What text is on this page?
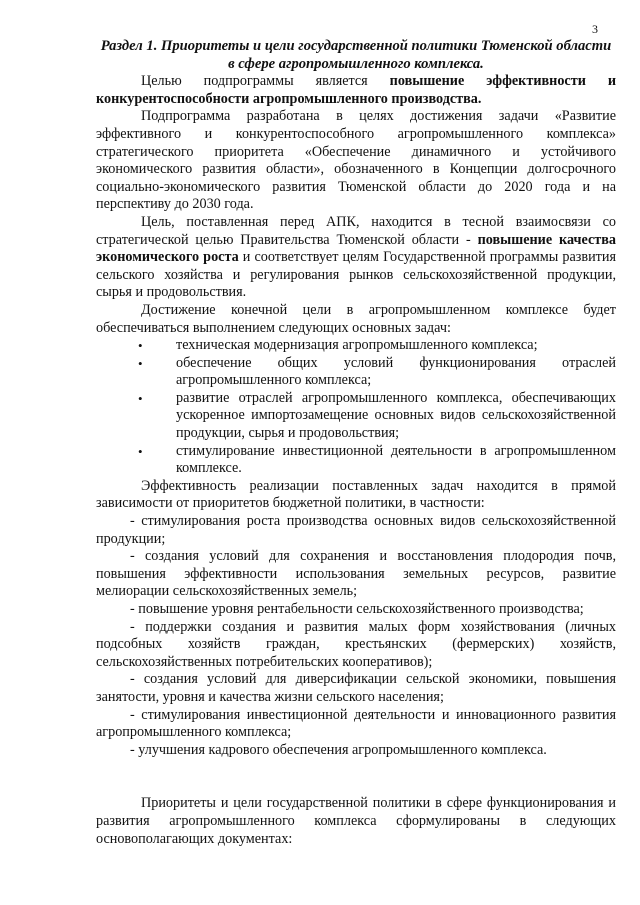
3

Раздел 1. Приоритеты и цели государственной политики Тюменской области в сфере агропромышленного комплекса.

Целью подпрограммы является повышение эффективности и конкурентоспособности агропромышленного производства.

Подпрограмма разработана в целях достижения задачи «Развитие эффективного и конкурентоспособного агропромышленного комплекса» стратегического приоритета «Обеспечение динамичного и устойчивого экономического развития области», обозначенного в Концепции долгосрочного социально-экономического развития Тюменской области до 2020 года и на перспективу до 2030 года.

Цель, поставленная перед АПК, находится в тесной взаимосвязи со стратегической целью Правительства Тюменской области - повышение качества экономического роста и соответствует целям Государственной программы развития сельского хозяйства и регулирования рынков сельскохозяйственной продукции, сырья и продовольствия.

Достижение конечной цели в агропромышленном комплексе будет обеспечиваться выполнением следующих основных задач:

• техническая модернизация агропромышленного комплекса;
• обеспечение общих условий функционирования отраслей агропромышленного комплекса;
• развитие отраслей агропромышленного комплекса, обеспечивающих ускоренное импортозамещение основных видов сельскохозяйственной продукции, сырья и продовольствия;
• стимулирование инвестиционной деятельности в агропромышленном комплексе.

Эффективность реализации поставленных задач находится в прямой зависимости от приоритетов бюджетной политики, в частности:

- стимулирования роста производства основных видов сельскохозяйственной продукции;

- создания условий для сохранения и восстановления плодородия почв, повышения эффективности использования земельных ресурсов, развитие мелиорации сельскохозяйственных земель;

- повышение уровня рентабельности сельскохозяйственного производства;

- поддержки создания и развития малых форм хозяйствования (личных подсобных хозяйств граждан, крестьянских (фермерских) хозяйств, сельскохозяйственных потребительских кооперативов);

- создания условий для диверсификации сельской экономики, повышения занятости, уровня и качества жизни сельского населения;

- стимулирования инвестиционной деятельности и инновационного развития агропромышленного комплекса;

- улучшения кадрового обеспечения агропромышленного комплекса.

Приоритеты и цели государственной политики в сфере функционирования и развития агропромышленного комплекса сформулированы в следующих основополагающих документах:
